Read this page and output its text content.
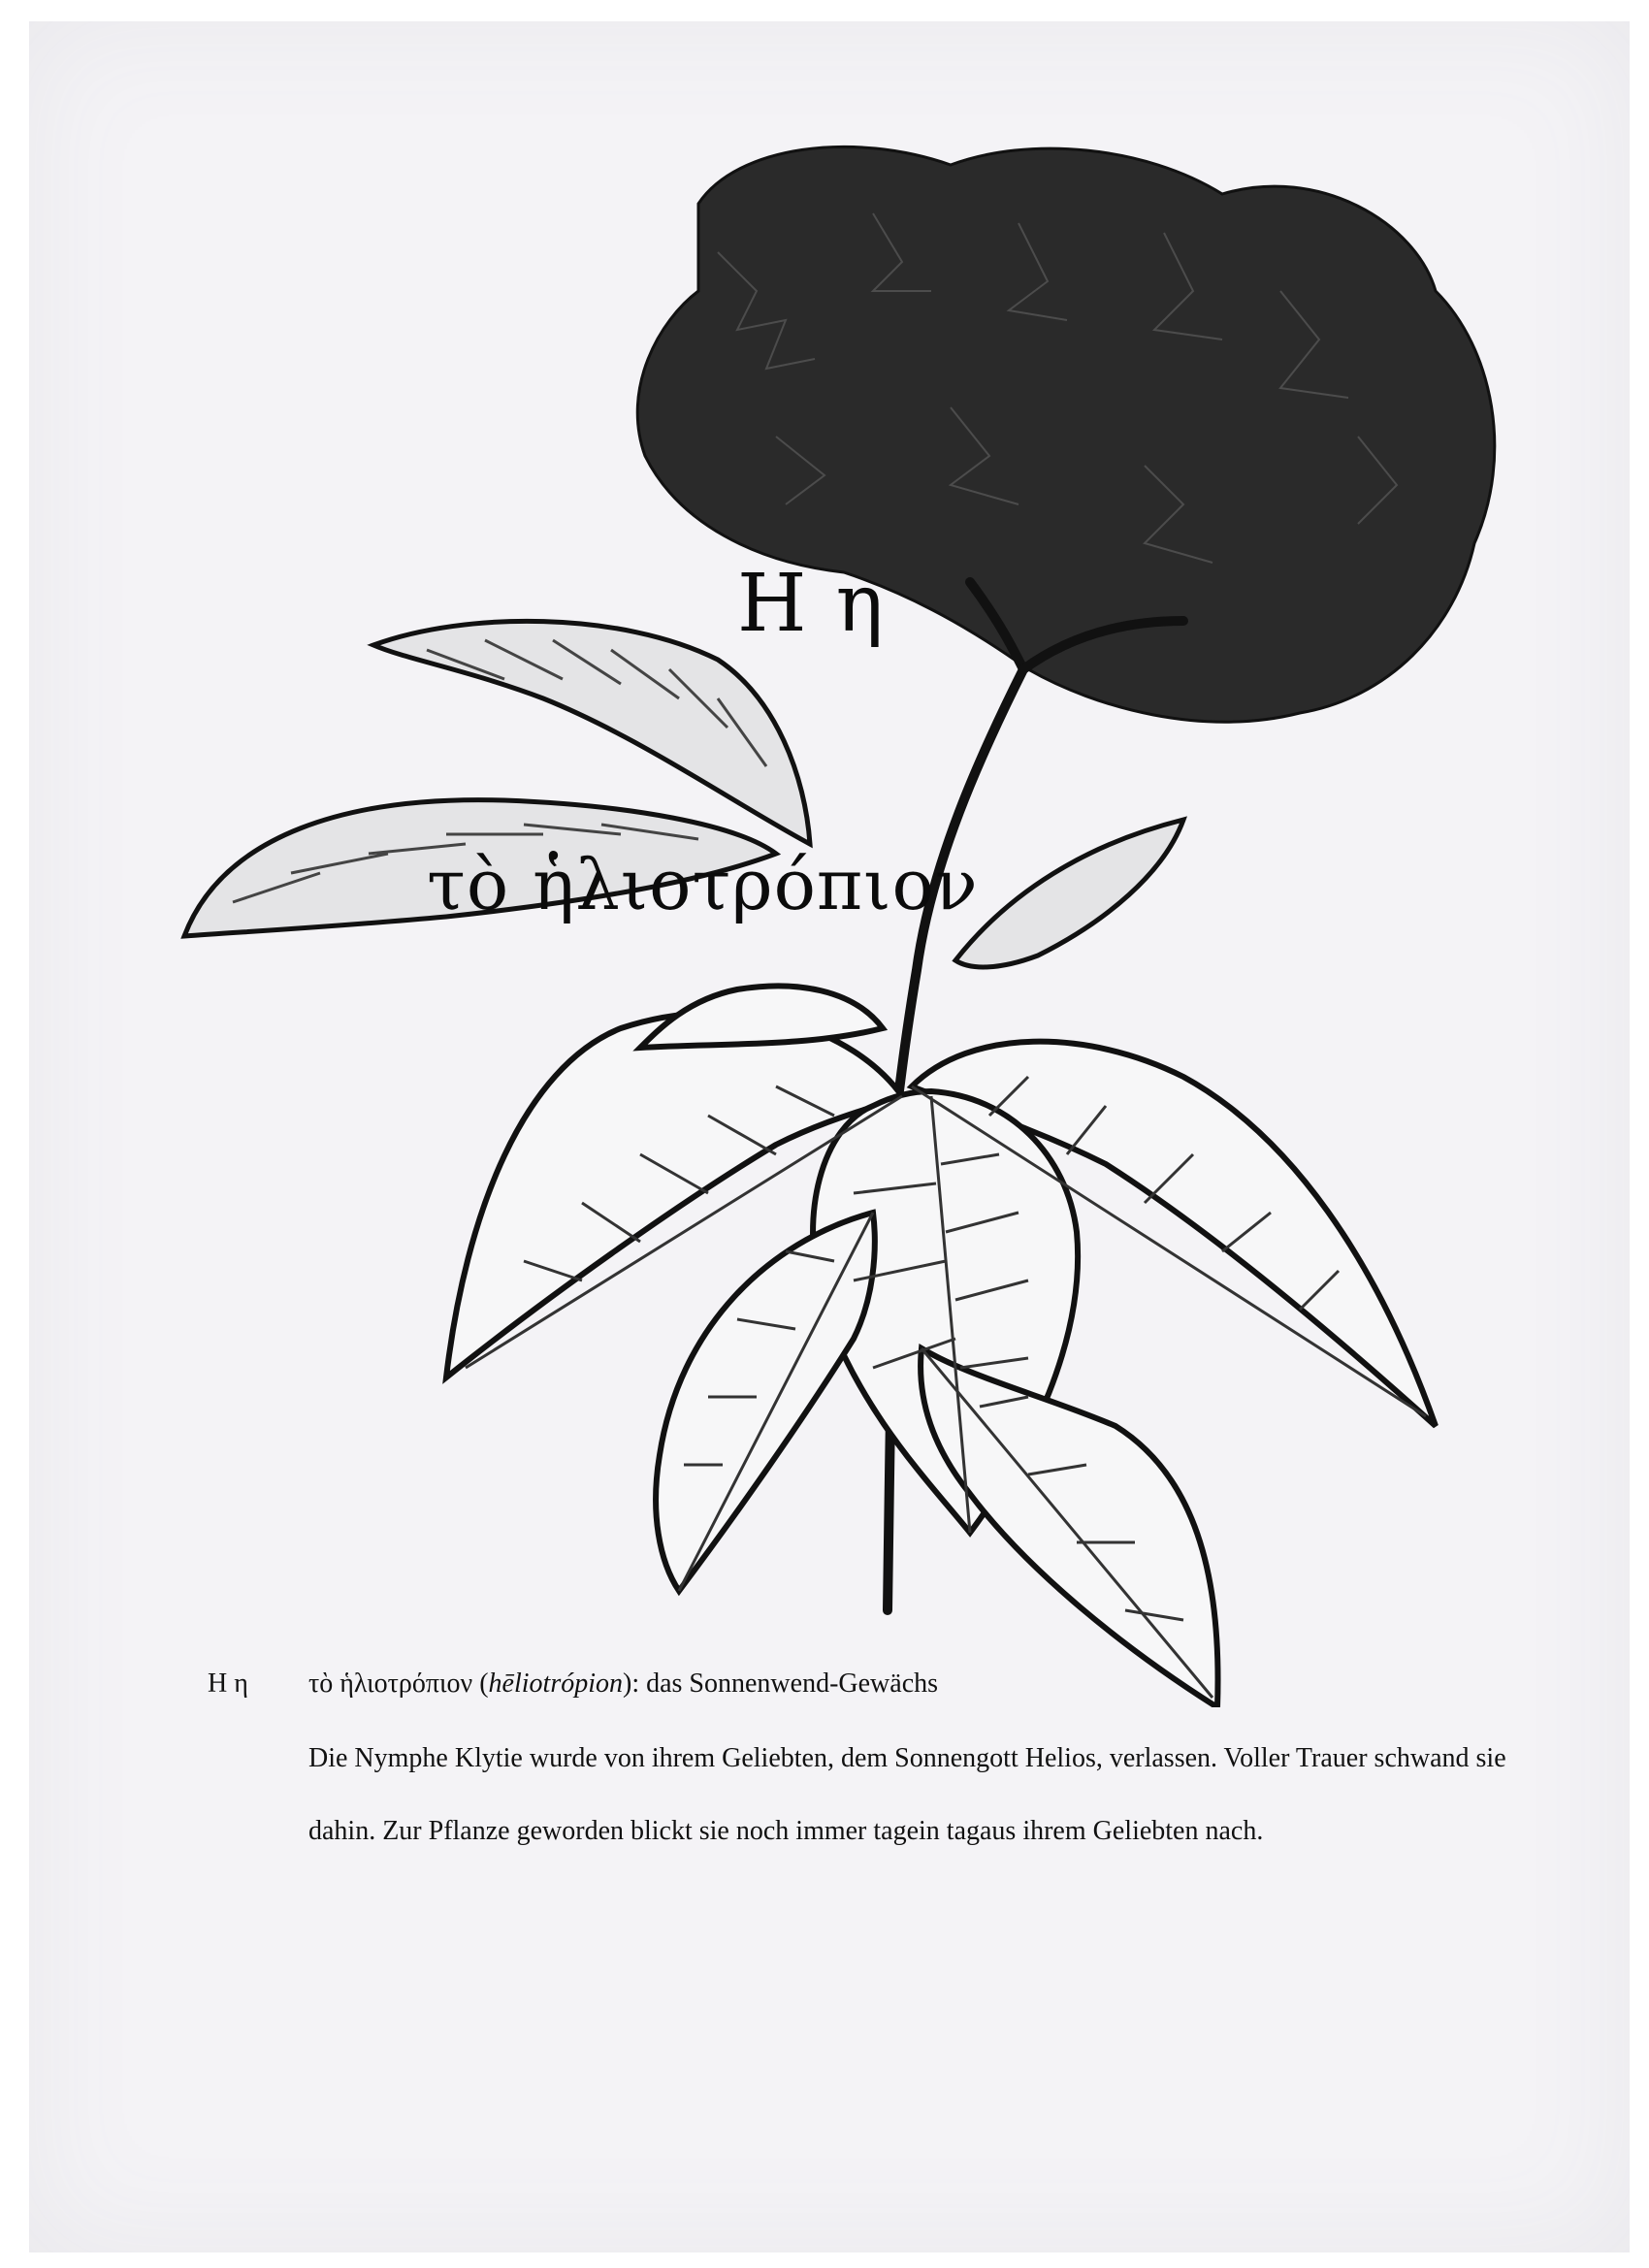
Η η
τὸ ἡλιοτρόπιον
Η η τὸ ἡλιοτρόπιον (hēliotrópion): das Sonnenwend-Gewächs
Die Nymphe Klytie wurde von ihrem Geliebten, dem Sonnengott Helios, verlassen. Voller Trauer schwand sie dahin. Zur Pflanze geworden blickt sie noch immer tagein tagaus ihrem Geliebten nach.
